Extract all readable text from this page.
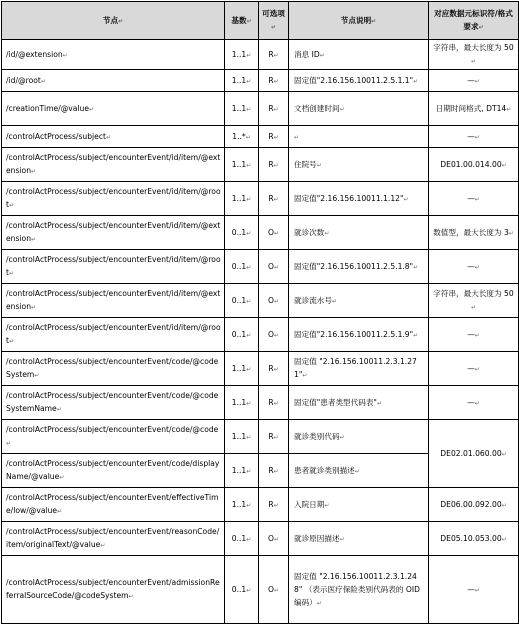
节点↵	基数↵	可选项↵	节点说明↵	对应数据元标识符/格式要求↵
/id/@extension↵	1..1↵	R↵	消息 ID↵	字符串，最大长度为 50↵
/id/@root↵	1..1↵	R↵	固定值"2.16.156.10011.2.5.1.1"↵	—↵
/creationTime/@value↵	1..1↵	R↵	文档创建时间↵	日期时间格式, DT14↵
/controlActProcess/subject↵	1..*↵	R↵	↵	—↵
/controlActProcess/subject/encounterEvent/id/item/@extension↵	1..1↵	R↵	住院号↵	DE01.00.014.00↵
/controlActProcess/subject/encounterEvent/id/item/@root↵	1..1↵	R↵	固定值"2.16.156.10011.1.12"↵	—↵
/controlActProcess/subject/encounterEvent/id/item/@extension↵	0..1↵	O↵	就诊次数↵	数值型，最大长度为 3↵
/controlActProcess/subject/encounterEvent/id/item/@root↵	0..1↵	O↵	固定值"2.16.156.10011.2.5.1.8"↵	—↵
/controlActProcess/subject/encounterEvent/id/item/@extension↵	0..1↵	O↵	就诊流水号↵	字符串，最大长度为 50↵
/controlActProcess/subject/encounterEvent/id/item/@root↵	0..1↵	O↵	固定值"2.16.156.10011.2.5.1.9"↵	—↵
/controlActProcess/subject/encounterEvent/code/@codeSystem↵	1..1↵	R↵	固定值 "2.16.156.10011.2.3.1.271"↵	—↵
/controlActProcess/subject/encounterEvent/code/@codeSystemName↵	1..1↵	R↵	固定值"患者类型代码表"↵	—↵
/controlActProcess/subject/encounterEvent/code/@code↵	1..1↵	R↵	就诊类别代码↵	DE02.01.060.00↵
/controlActProcess/subject/encounterEvent/code/displayName/@value↵	1..1↵	R↵	患者就诊类别描述↵	
/controlActProcess/subject/encounterEvent/effectiveTime/low/@value↵	1..1↵	R↵	入院日期↵	DE06.00.092.00↵
/controlActProcess/subject/encounterEvent/reasonCode/item/originalText/@value↵	0..1↵	O↵	就诊原因描述↵	DE05.10.053.00↵
/controlActProcess/subject/encounterEvent/admissionReferralSourceCode/@codeSystem↵	0..1↵	O↵	固定值 "2.16.156.10011.2.3.1.248" （表示医疗保险类别代码表的 OID 编码）↵	—↵
